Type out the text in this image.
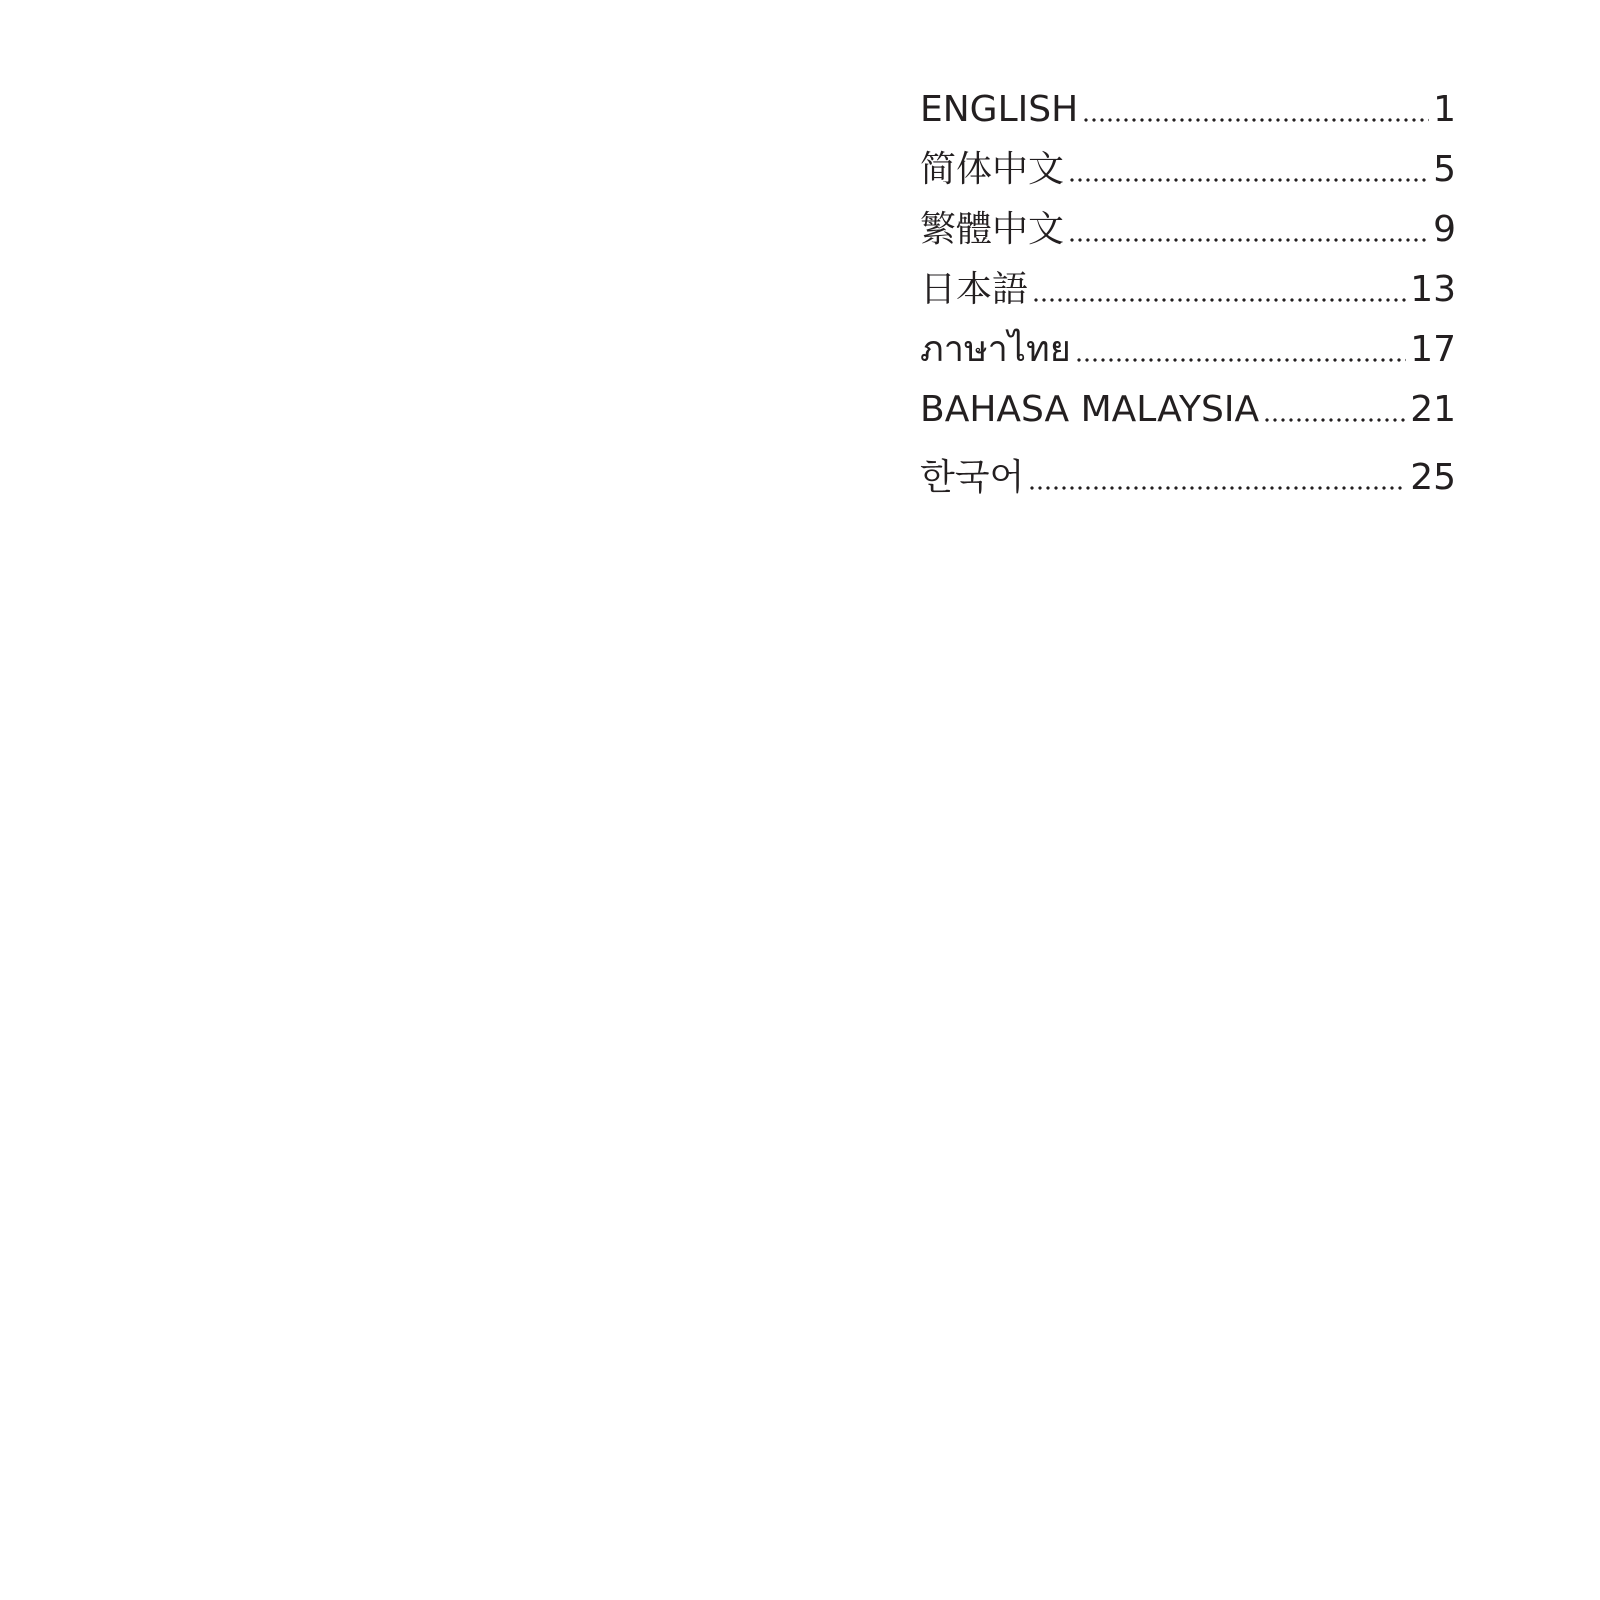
ENGLISH	1
简体中文	5
繁體中文	9
日本語	13
ภาษาไทย	17
BAHASA MALAYSIA	21
한국어	25
